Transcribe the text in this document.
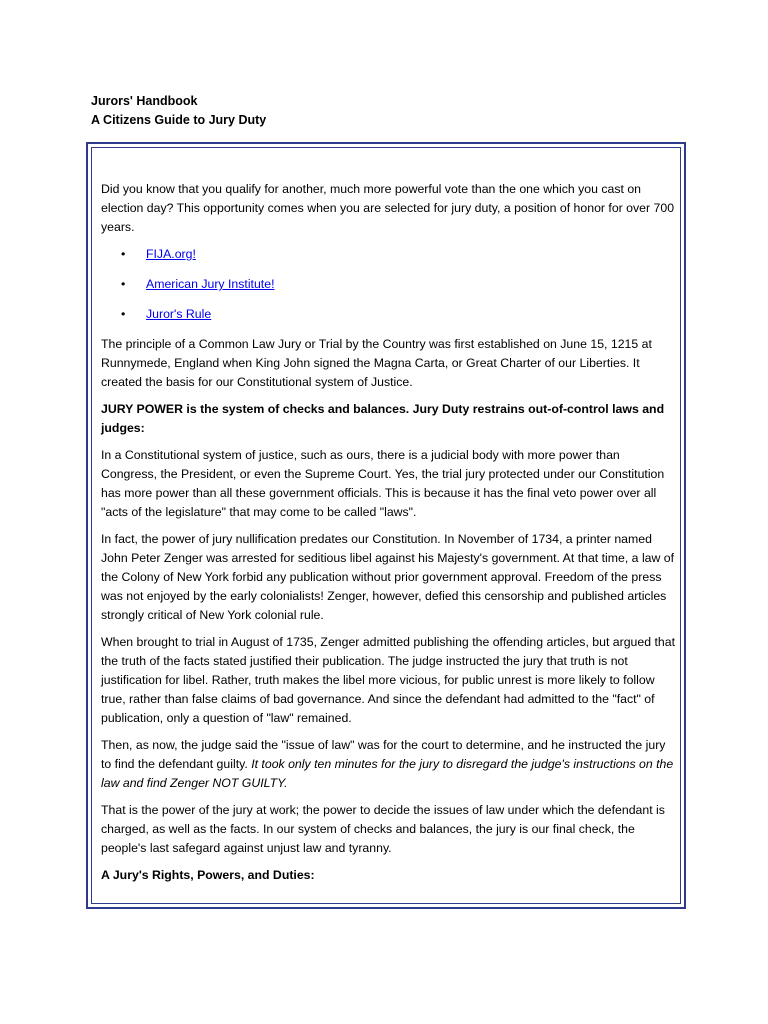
Jurors' Handbook
A Citizens Guide to Jury Duty

Did you know that you qualify for another, much more powerful vote than the one which you cast on election day? This opportunity comes when you are selected for jury duty, a position of honor for over 700 years.

• FIJA.org!
• American Jury Institute!
• Juror's Rule

The principle of a Common Law Jury or Trial by the Country was first established on June 15, 1215 at Runnymede, England when King John signed the Magna Carta, or Great Charter of our Liberties. It created the basis for our Constitutional system of Justice.

JURY POWER is the system of checks and balances. Jury Duty restrains out-of-control laws and judges:

In a Constitutional system of justice, such as ours, there is a judicial body with more power than Congress, the President, or even the Supreme Court. Yes, the trial jury protected under our Constitution has more power than all these government officials. This is because it has the final veto power over all "acts of the legislature" that may come to be called "laws".

In fact, the power of jury nullification predates our Constitution. In November of 1734, a printer named John Peter Zenger was arrested for seditious libel against his Majesty's government. At that time, a law of the Colony of New York forbid any publication without prior government approval. Freedom of the press was not enjoyed by the early colonialists! Zenger, however, defied this censorship and published articles strongly critical of New York colonial rule.

When brought to trial in August of 1735, Zenger admitted publishing the offending articles, but argued that the truth of the facts stated justified their publication. The judge instructed the jury that truth is not justification for libel. Rather, truth makes the libel more vicious, for public unrest is more likely to follow true, rather than false claims of bad governance. And since the defendant had admitted to the "fact" of publication, only a question of "law" remained.

Then, as now, the judge said the "issue of law" was for the court to determine, and he instructed the jury to find the defendant guilty. It took only ten minutes for the jury to disregard the judge's instructions on the law and find Zenger NOT GUILTY.

That is the power of the jury at work; the power to decide the issues of law under which the defendant is charged, as well as the facts. In our system of checks and balances, the jury is our final check, the people's last safegard against unjust law and tyranny.

A Jury's Rights, Powers, and Duties:
